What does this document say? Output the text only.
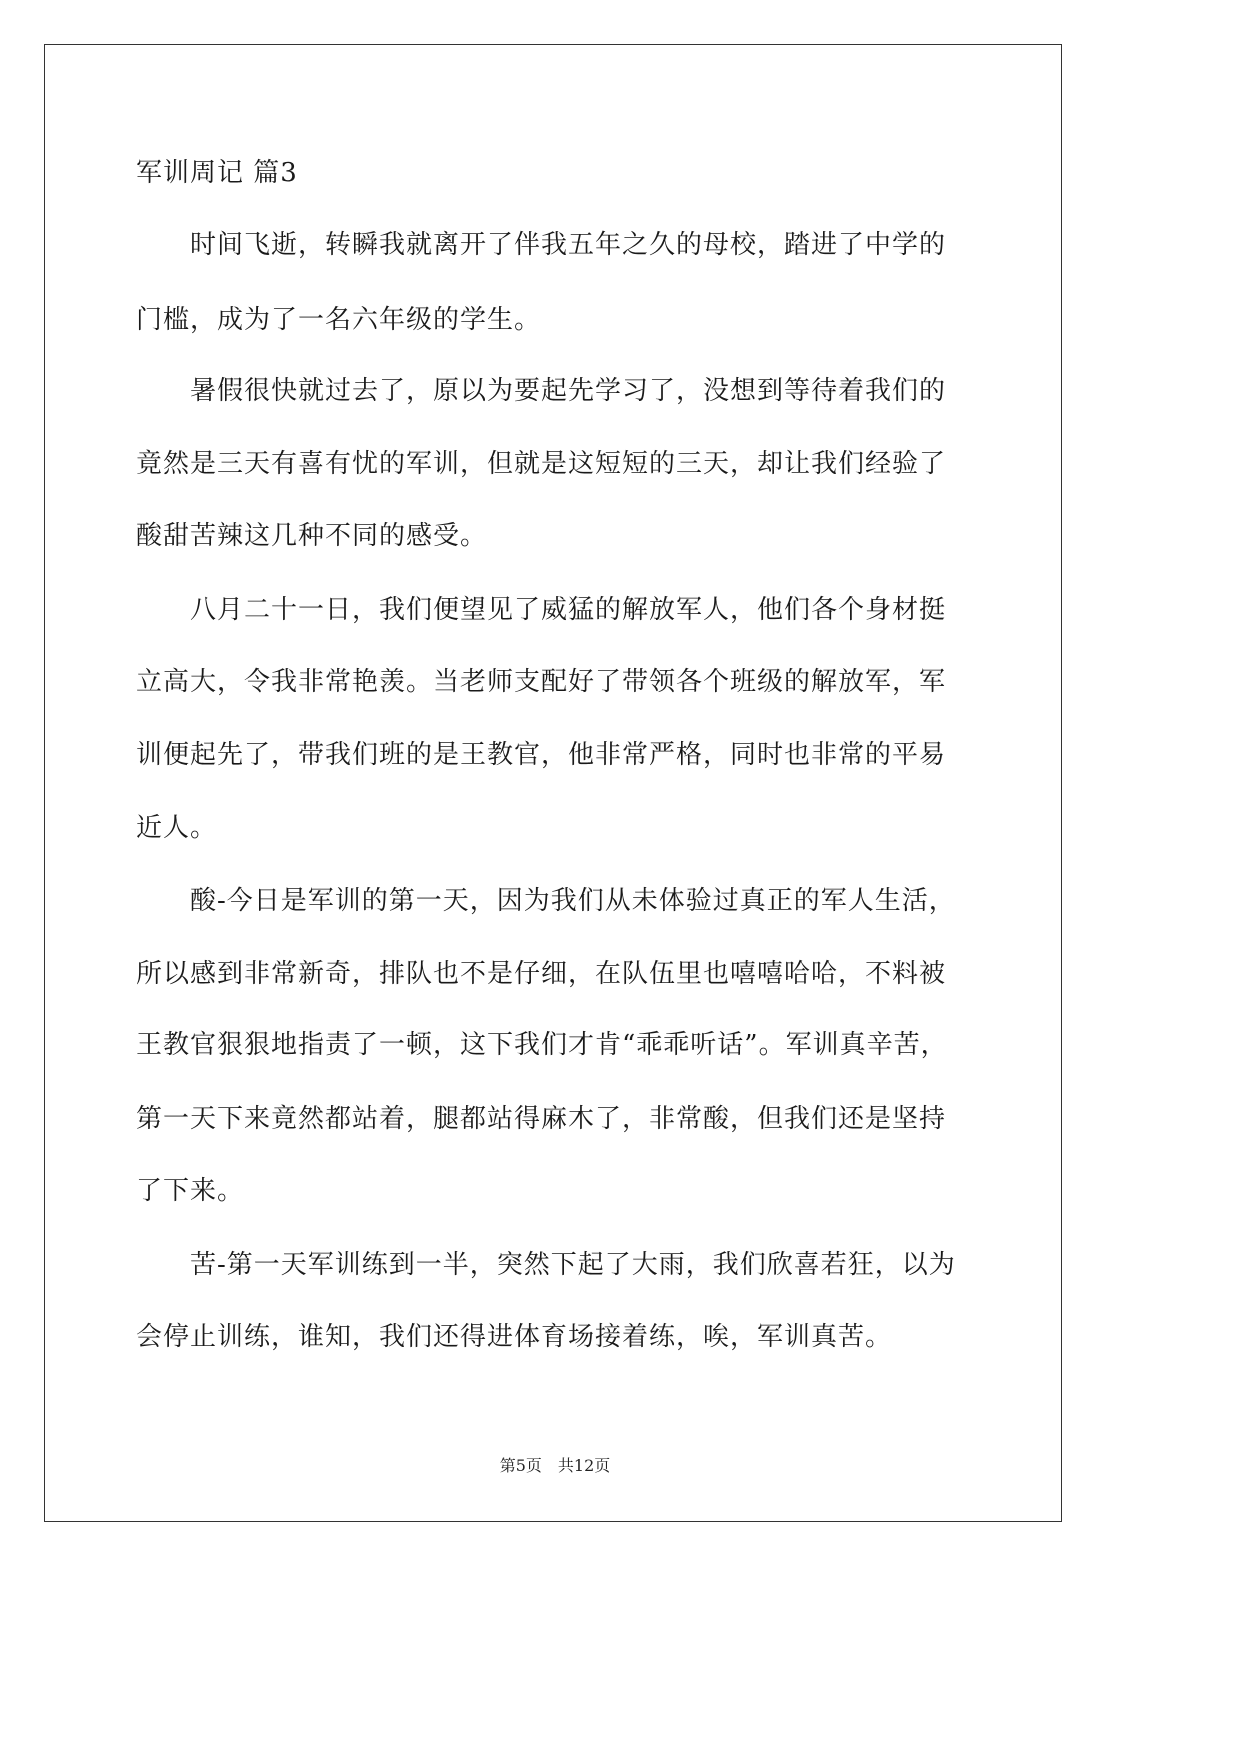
军训周记 篇3
　　时间飞逝，转瞬我就离开了伴我五年之久的母校，踏进了中学的
门槛，成为了一名六年级的学生。
　　暑假很快就过去了，原以为要起先学习了，没想到等待着我们的
竟然是三天有喜有忧的军训，但就是这短短的三天，却让我们经验了
酸甜苦辣这几种不同的感受。
　　八月二十一日，我们便望见了威猛的解放军人，他们各个身材挺
立高大，令我非常艳羡。当老师支配好了带领各个班级的解放军，军
训便起先了，带我们班的是王教官，他非常严格，同时也非常的平易
近人。
　　酸-今日是军训的第一天，因为我们从未体验过真正的军人生活，
所以感到非常新奇，排队也不是仔细，在队伍里也嘻嘻哈哈，不料被
王教官狠狠地指责了一顿，这下我们才肯“乖乖听话”。军训真辛苦，
第一天下来竟然都站着，腿都站得麻木了，非常酸，但我们还是坚持
了下来。
　　苦-第一天军训练到一半，突然下起了大雨，我们欣喜若狂，以为
会停止训练，谁知，我们还得进体育场接着练，唉，军训真苦。
第5页 共12页
